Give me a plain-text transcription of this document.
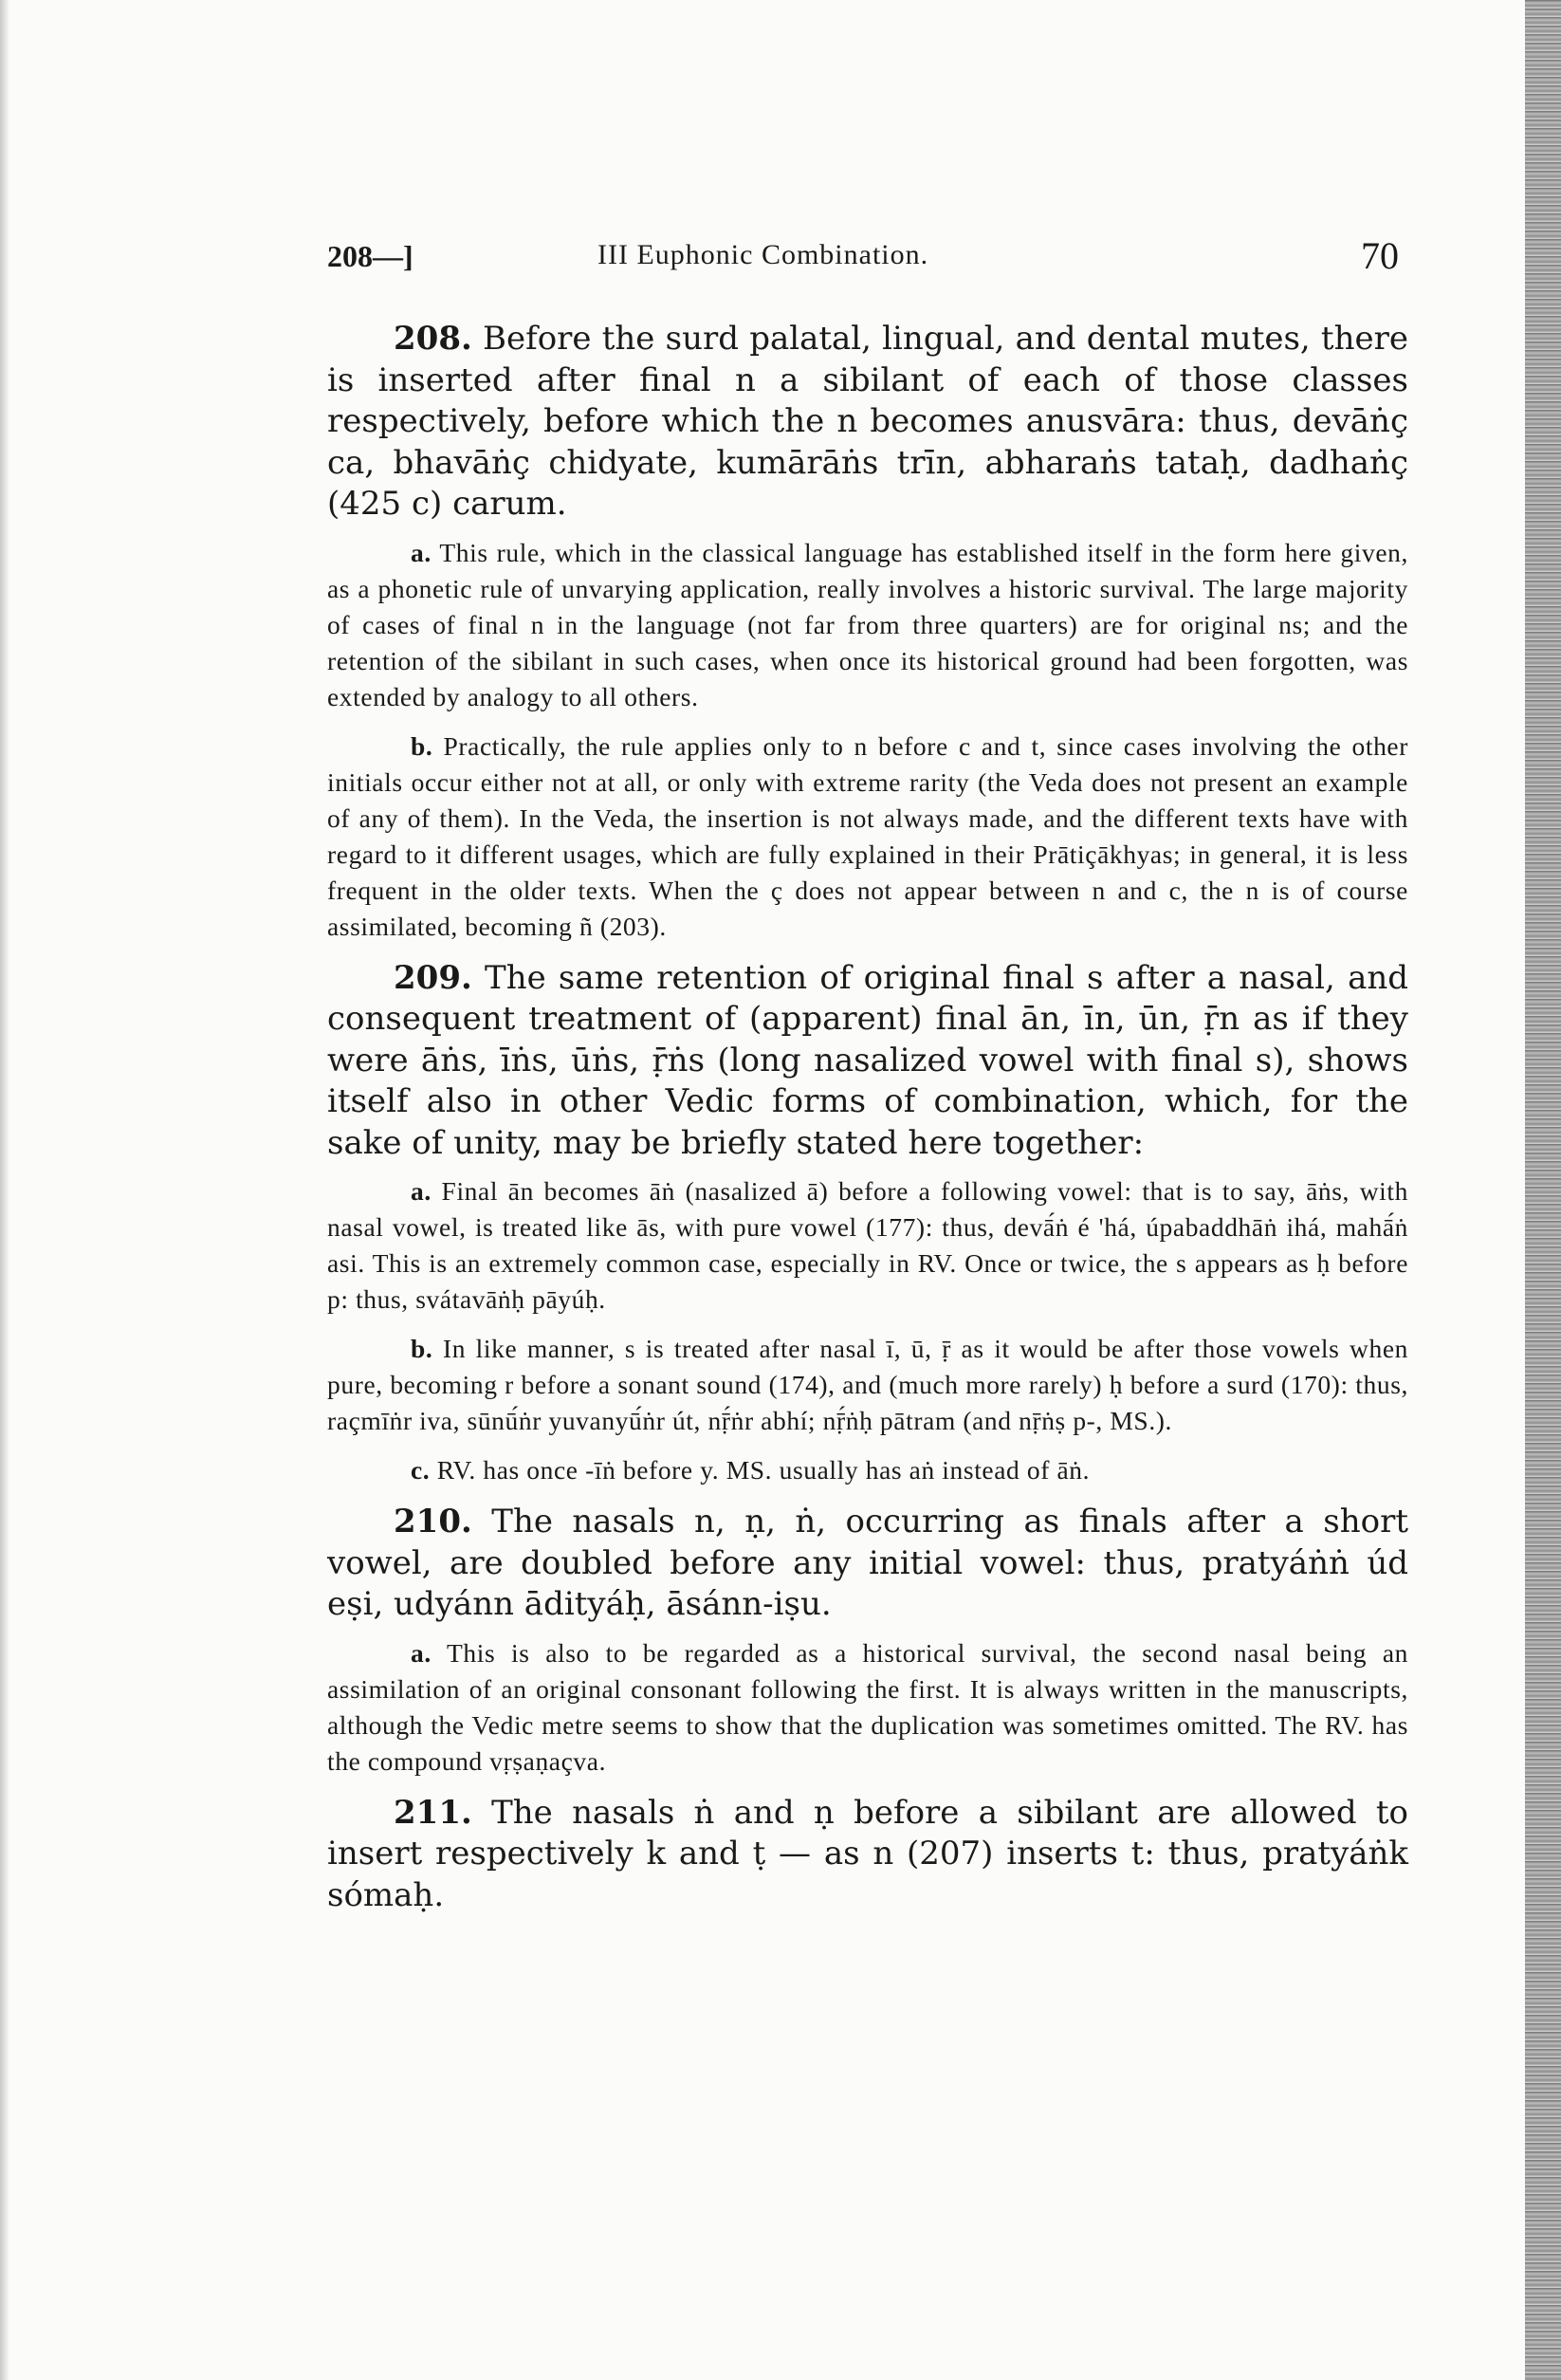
208—]	III Euphonic Combination.	70

208. Before the surd palatal, lingual, and dental mutes, there is inserted after final n a sibilant of each of those classes respectively, before which the n becomes anusvāra: thus, devāṅç ca, bhavāṅç chidyate, kumārāṅs trīn, abharaṅs tataḥ, dadhaṅç (425 c) carum.

a. This rule, which in the classical language has established itself in the form here given, as a phonetic rule of unvarying application, really involves a historic survival. The large majority of cases of final n in the language (not far from three quarters) are for original ns; and the retention of the sibilant in such cases, when once its historical ground had been forgotten, was extended by analogy to all others.

b. Practically, the rule applies only to n before c and t, since cases involving the other initials occur either not at all, or only with extreme rarity (the Veda does not present an example of any of them). In the Veda, the insertion is not always made, and the different texts have with regard to it different usages, which are fully explained in their Prātiçākhyas; in general, it is less frequent in the older texts. When the ç does not appear between n and c, the n is of course assimilated, becoming ñ (203).

209. The same retention of original final s after a nasal, and consequent treatment of (apparent) final ān, īn, ūn, ṝn as if they were āṅs, īṅs, ūṅs, ṝṅs (long nasalized vowel with final s), shows itself also in other Vedic forms of combination, which, for the sake of unity, may be briefly stated here together:

a. Final ān becomes āṅ (nasalized ā) before a following vowel: that is to say, āṅs, with nasal vowel, is treated like ās, with pure vowel (177): thus, devā́ṅ é 'há, úpabaddhāṅ ihá, mahā́ṅ asi. This is an extremely common case, especially in RV. Once or twice, the s appears as ḥ before p: thus, svátavāṅḥ pāyúḥ.

b. In like manner, s is treated after nasal ī, ū, ṝ as it would be after those vowels when pure, becoming r before a sonant sound (174), and (much more rarely) ḥ before a surd (170): thus, raçmīṅr iva, sūnū́ṅr yuvanyū́ṅr út, nṝ́ṅr abhí; nṝ́ṅḥ pātram (and nṝṅṣ p-, MS.).

c. RV. has once -īṅ before y. MS. usually has aṅ instead of āṅ.

210. The nasals n, ṇ, ṅ, occurring as finals after a short vowel, are doubled before any initial vowel: thus, pratyáṅṅ úd eṣi, udyánn ādityáḥ, āsánn-iṣu.

a. This is also to be regarded as a historical survival, the second nasal being an assimilation of an original consonant following the first. It is always written in the manuscripts, although the Vedic metre seems to show that the duplication was sometimes omitted. The RV. has the compound vṛṣaṇaçva.

211. The nasals ṅ and ṇ before a sibilant are allowed to insert respectively k and ṭ — as n (207) inserts t: thus, pratyáṅk sómaḥ.
